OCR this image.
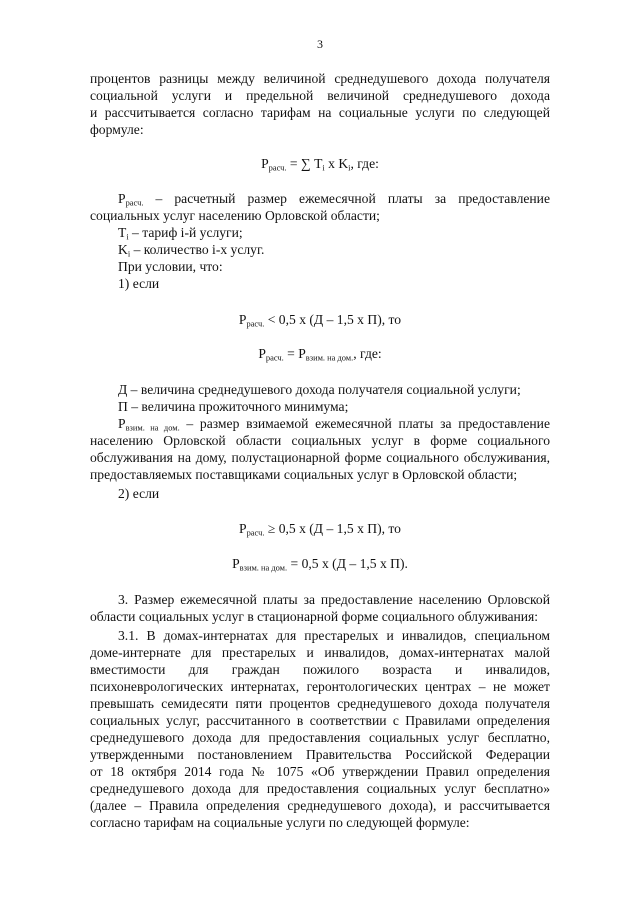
3
процентов разницы между величиной среднедушевого дохода получателя
социальной услуги и предельной величиной среднедушевого дохода
и рассчитывается согласно тарифам на социальные услуги по следующей
формуле:
$P_{расч.}$ = ∑ $T_i$ x $K_i$, где:
$P_{расч.}$ – расчетный размер ежемесячной платы за предоставление
социальных услуг населению Орловской области;
$T_i$ – тариф i-й услуги;
$K_i$ – количество i-х услуг.
При условии, что:
1) если
$P_{расч.} < 0,5$ x (Д – 1,5 x П), то
$P_{расч.} = P_{взим. на дом.}$, где:
Д – величина среднедушевого дохода получателя социальной услуги;
П – величина прожиточного минимума;
$P_{взим. на дом.}$ – размер взимаемой ежемесячной платы за предоставление
населению Орловской области социальных услуг в форме социального
обслуживания на дому, полустационарной форме социального обслуживания,
предоставляемых поставщиками социальных услуг в Орловской области;
2) если
$P_{расч.} \ge 0,5$ x (Д – 1,5 x П), то
$P_{взим. на дом.} = 0,5$ x (Д – 1,5 x П).
3. Размер ежемесячной платы за предоставление населению Орловской
области социальных услуг в стационарной форме социального облуживания:
3.1. В домах-интернатах для престарелых и инвалидов, специальном
доме-интернате для престарелых и инвалидов, домах-интернатах малой
вместимости для граждан пожилого возраста и инвалидов,
психоневрологических интернатах, геронтологических центрах – не может
превышать семидесяти пяти процентов среднедушевого дохода получателя
социальных услуг, рассчитанного в соответствии с Правилами определения
среднедушевого дохода для предоставления социальных услуг бесплатно,
утвержденными постановлением Правительства Российской Федерации
от 18 октября 2014 года № 1075 «Об утверждении Правил определения
среднедушевого дохода для предоставления социальных услуг бесплатно»
(далее – Правила определения среднедушевого дохода), и рассчитывается
согласно тарифам на социальные услуги по следующей формуле:
